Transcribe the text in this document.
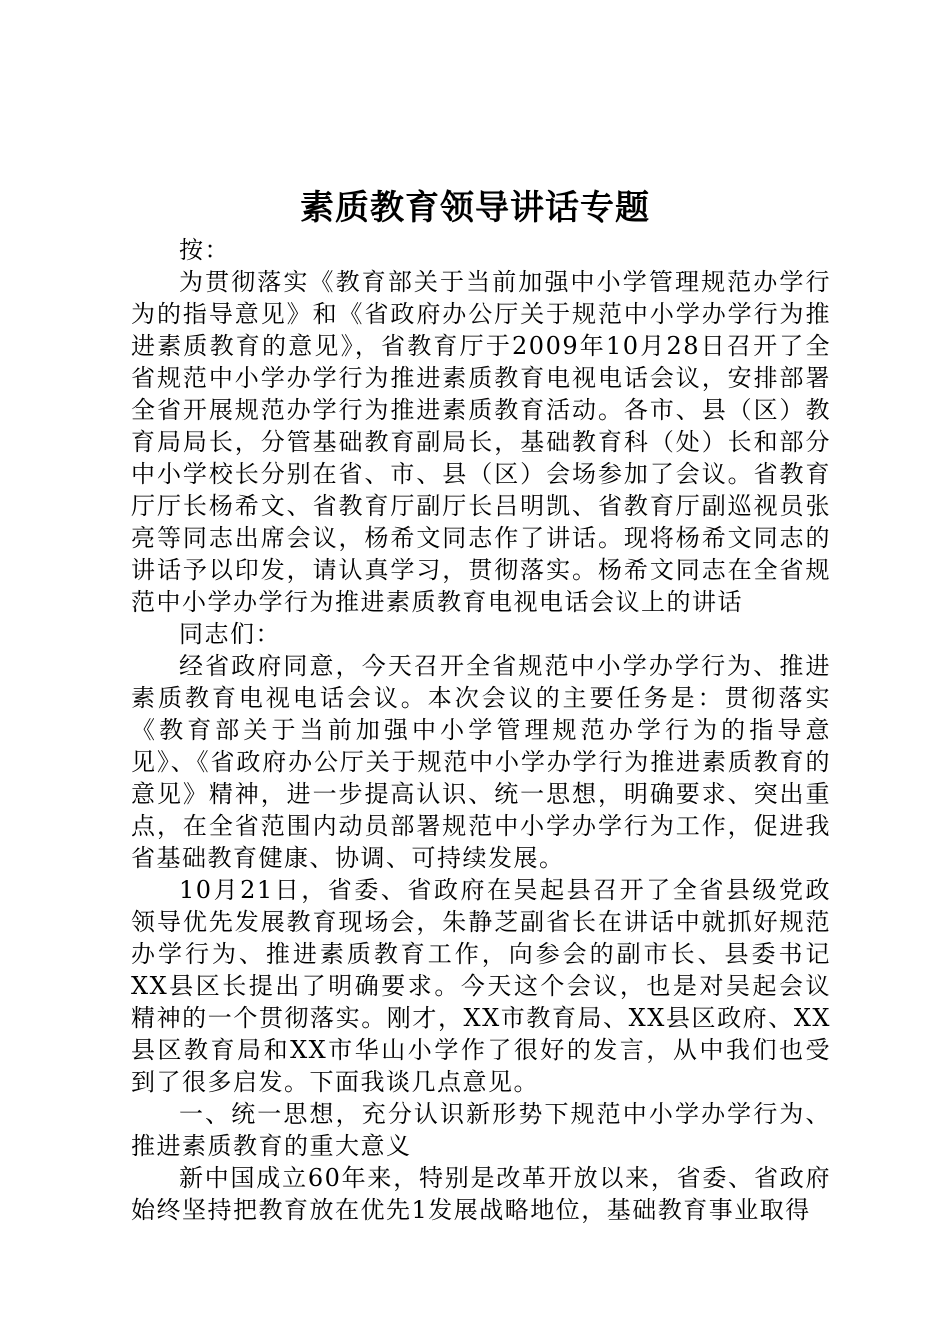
素质教育领导讲话专题

按：

为贯彻落实《教育部关于当前加强中小学管理规范办学行为的指导意见》和《省政府办公厅关于规范中小学办学行为推进素质教育的意见》，省教育厅于2009年10月28日召开了全省规范中小学办学行为推进素质教育电视电话会议，安排部署全省开展规范办学行为推进素质教育活动。各市、县（区）教育局局长，分管基础教育副局长，基础教育科（处）长和部分中小学校长分别在省、市、县（区）会场参加了会议。省教育厅厅长杨希文、省教育厅副厅长吕明凯、省教育厅副巡视员张亮等同志出席会议，杨希文同志作了讲话。现将杨希文同志的讲话予以印发，请认真学习，贯彻落实。杨希文同志在全省规范中小学办学行为推进素质教育电视电话会议上的讲话

同志们：

经省政府同意，今天召开全省规范中小学办学行为、推进素质教育电视电话会议。本次会议的主要任务是：贯彻落实《教育部关于当前加强中小学管理规范办学行为的指导意见》、《省政府办公厅关于规范中小学办学行为推进素质教育的意见》精神，进一步提高认识、统一思想，明确要求、突出重点，在全省范围内动员部署规范中小学办学行为工作，促进我省基础教育健康、协调、可持续发展。

10月21日，省委、省政府在吴起县召开了全省县级党政领导优先发展教育现场会，朱静芝副省长在讲话中就抓好规范办学行为、推进素质教育工作，向参会的副市长、县委书记XX县区长提出了明确要求。今天这个会议，也是对吴起会议精神的一个贯彻落实。刚才，XX市教育局、XX县区政府、XX县区教育局和XX市华山小学作了很好的发言，从中我们也受到了很多启发。下面我谈几点意见。

一、统一思想，充分认识新形势下规范中小学办学行为、推进素质教育的重大意义

新中国成立60年来，特别是改革开放以来，省委、省政府始终坚持把教育放在优先1发展战略地位，基础教育事业取得
